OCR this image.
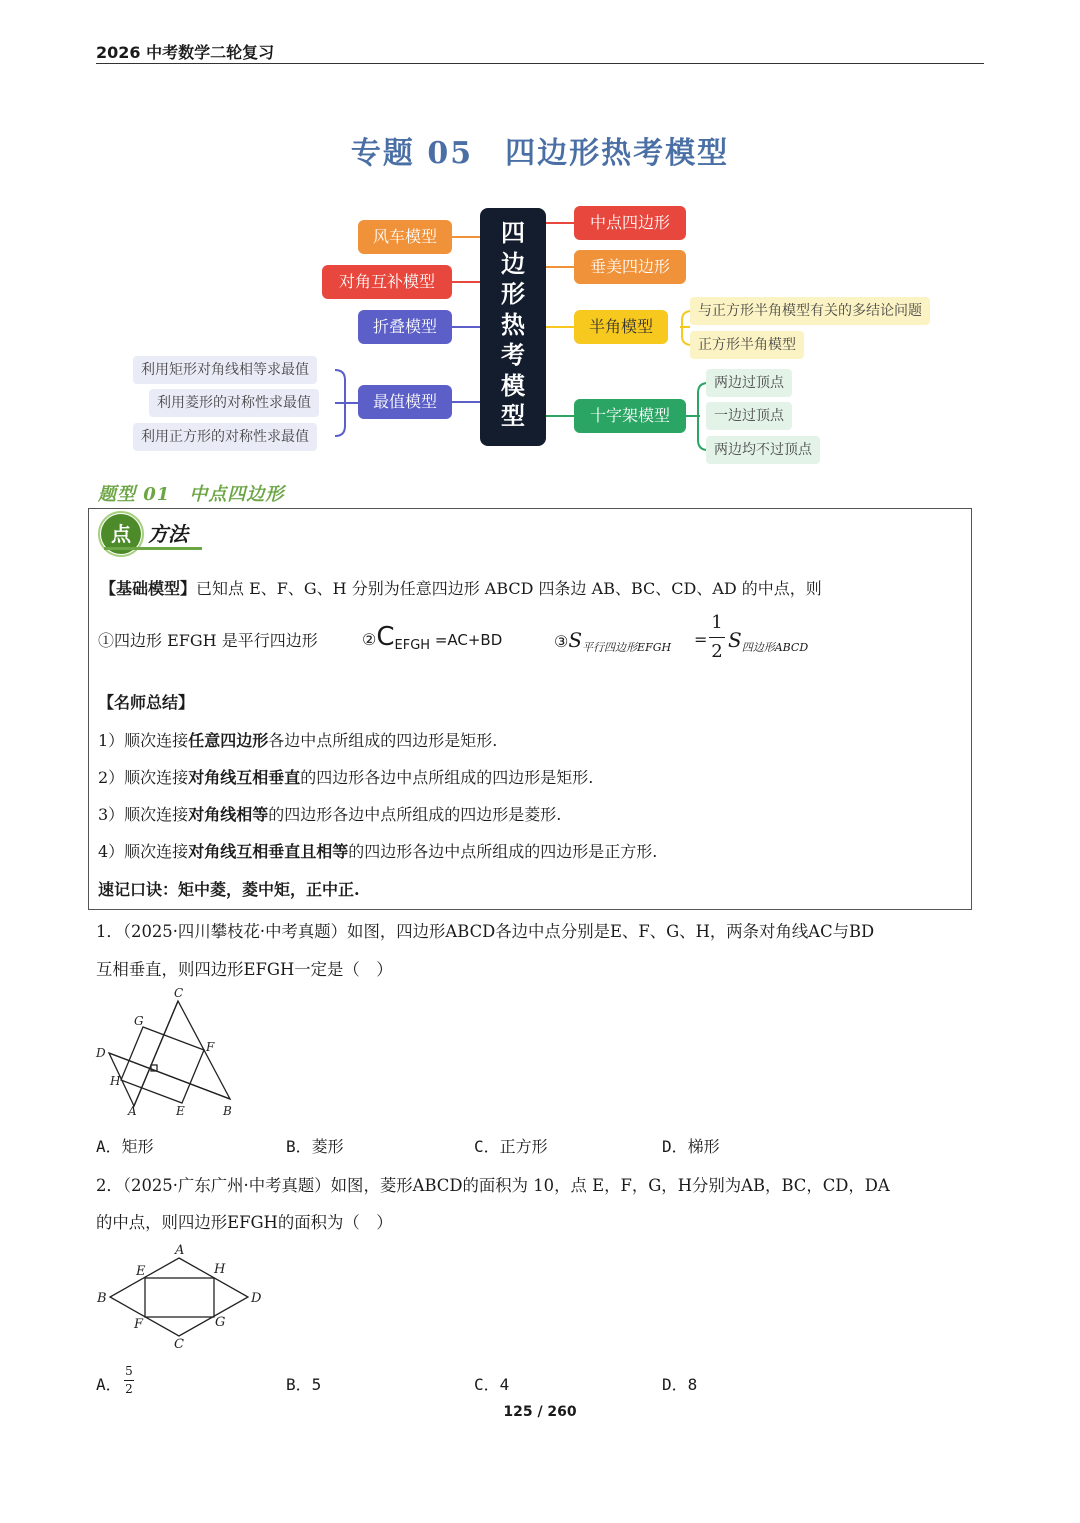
2026 中考数学二轮复习
专题 05　四边形热考模型
风车模型
对角互补模型
折叠模型
最值模型
利用矩形对角线相等求最值
利用菱形的对称性求最值
利用正方形的对称性求最值
四
边
形
热
考
模
型
中点四边形
垂美四边形
半角模型
十字架模型
与正方形半角模型有关的多结论问题
正方形半角模型
两边过顶点
一边过顶点
两边均不过顶点
题型 01　中点四边形
点 方法
【基础模型】已知点 E、F、G、H 分别为任意四边形 ABCD 四条边 AB、BC、CD、AD 的中点，则
①四边形 EFGH 是平行四边形	$②C_{EFGH} =AC+BD$	$③S_{平行四边形EFGH}$ =
1
2 $S_{四边形ABCD}$
【名师总结】
1）顺次连接任意四边形各边中点所组成的四边形是矩形.
2）顺次连接对角线互相垂直的四边形各边中点所组成的四边形是矩形.
3）顺次连接对角线相等的四边形各边中点所组成的四边形是菱形.
4）顺次连接对角线互相垂直且相等的四边形各边中点所组成的四边形是正方形.
速记口诀：矩中菱，菱中矩，正中正.
1．（2025·四川攀枝花·中考真题）如图，四边形ABCD各边中点分别是E、F、G、H，两条对角线AC与BD
互相垂直，则四边形EFGH一定是（　）
C
G
F
D
H
A	E	B
A．矩形	B．菱形	C．正方形	D．梯形
2．（2025·广东广州·中考真题）如图，菱形ABCD的面积为 10，点 E，F，G，H分别为AB，BC，CD，DA
的中点，则四边形EFGH的面积为（　）
A
E	H
B	D
F	G
C
A．
5
2	B．5	C．4	D．8
125 / 260
